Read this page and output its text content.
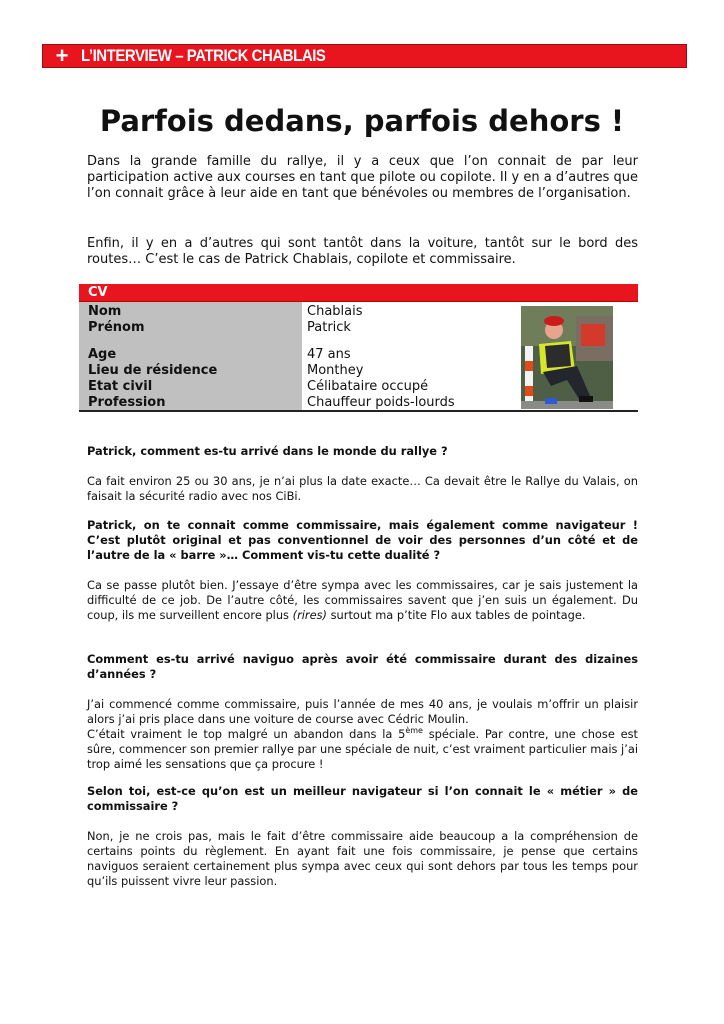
+ L’INTERVIEW – PATRICK CHABLAIS
Parfois dedans, parfois dehors !

Dans la grande famille du rallye, il y a ceux que l’on connait de par leur participation active aux courses en tant que pilote ou copilote. Il y en a d’autres que l’on connait grâce à leur aide en tant que bénévoles ou membres de l’organisation.

Enfin, il y en a d’autres qui sont tantôt dans la voiture, tantôt sur le bord des routes… C’est le cas de Patrick Chablais, copilote et commissaire.

CV
Nom	Chablais
Prénom	Patrick
Age	47 ans
Lieu de résidence	Monthey
Etat civil	Célibataire occupé
Profession	Chauffeur poids-lourds

Patrick, comment es-tu arrivé dans le monde du rallye ?

Ca fait environ 25 ou 30 ans, je n’ai plus la date exacte… Ca devait être le Rallye du Valais, on faisait la sécurité radio avec nos CiBi.

Patrick, on te connait comme commissaire, mais également comme navigateur ! C’est plutôt original et pas conventionnel de voir des personnes d’un côté et de l’autre de la « barre »… Comment vis-tu cette dualité ?

Ca se passe plutôt bien. J’essaye d’être sympa avec les commissaires, car je sais justement la difficulté de ce job. De l’autre côté, les commissaires savent que j’en suis un également. Du coup, ils me surveillent encore plus (rires) surtout ma p’tite Flo aux tables de pointage.

Comment es-tu arrivé naviguo après avoir été commissaire durant des dizaines d’années ?

J’ai commencé comme commissaire, puis l’année de mes 40 ans, je voulais m’offrir un plaisir alors j’ai pris place dans une voiture de course avec Cédric Moulin.

C’était vraiment le top malgré un abandon dans la 5ème spéciale. Par contre, une chose est sûre, commencer son premier rallye par une spéciale de nuit, c’est vraiment particulier mais j’ai trop aimé les sensations que ça procure !

Selon toi, est-ce qu’on est un meilleur navigateur si l’on connait le « métier » de commissaire ?

Non, je ne crois pas, mais le fait d’être commissaire aide beaucoup a la compréhension de certains points du règlement. En ayant fait une fois commissaire, je pense que certains naviguos seraient certainement plus sympa avec ceux qui sont dehors par tous les temps pour qu’ils puissent vivre leur passion.
